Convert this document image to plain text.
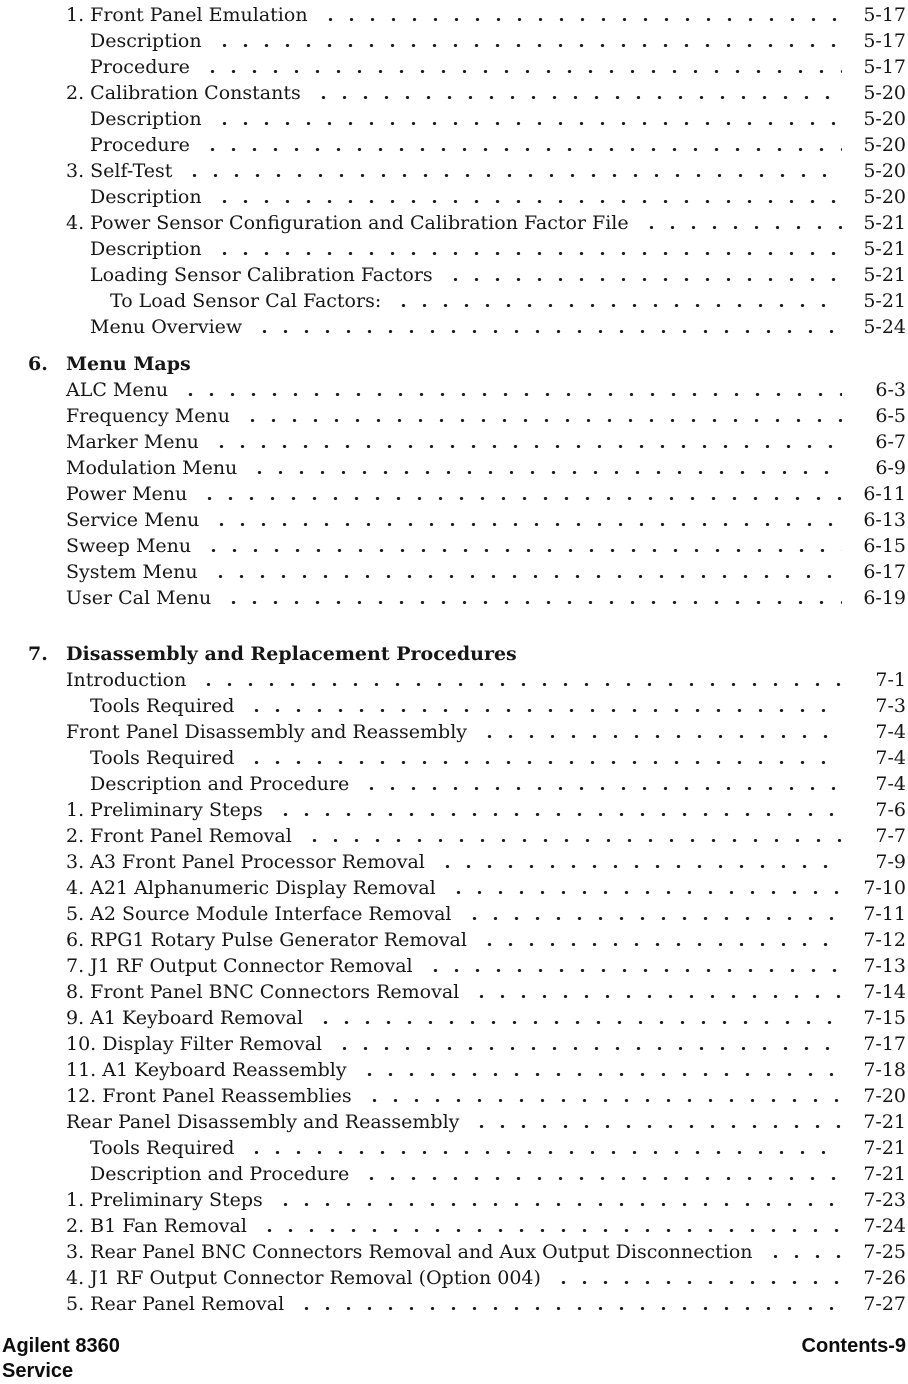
1. Front Panel Emulation	5-17
Description	5-17
Procedure	5-17
2. Calibration Constants	5-20
Description	5-20
Procedure	5-20
3. Self-Test	5-20
Description	5-20
4. Power Sensor Configuration and Calibration Factor File	5-21
Description	5-21
Loading Sensor Calibration Factors	5-21
To Load Sensor Cal Factors:	5-21
Menu Overview	5-24
6. Menu Maps
ALC Menu	6-3
Frequency Menu	6-5
Marker Menu	6-7
Modulation Menu	6-9
Power Menu	6-11
Service Menu	6-13
Sweep Menu	6-15
System Menu	6-17
User Cal Menu	6-19
7. Disassembly and Replacement Procedures
Introduction	7-1
Tools Required	7-3
Front Panel Disassembly and Reassembly	7-4
Tools Required	7-4
Description and Procedure	7-4
1. Preliminary Steps	7-6
2. Front Panel Removal	7-7
3. A3 Front Panel Processor Removal	7-9
4. A21 Alphanumeric Display Removal	7-10
5. A2 Source Module Interface Removal	7-11
6. RPG1 Rotary Pulse Generator Removal	7-12
7. J1 RF Output Connector Removal	7-13
8. Front Panel BNC Connectors Removal	7-14
9. A1 Keyboard Removal	7-15
10. Display Filter Removal	7-17
11. A1 Keyboard Reassembly	7-18
12. Front Panel Reassemblies	7-20
Rear Panel Disassembly and Reassembly	7-21
Tools Required	7-21
Description and Procedure	7-21
1. Preliminary Steps	7-23
2. B1 Fan Removal	7-24
3. Rear Panel BNC Connectors Removal and Aux Output Disconnection	7-25
4. J1 RF Output Connector Removal (Option 004)	7-26
5. Rear Panel Removal	7-27
Agilent 8360
Service
Contents-9
